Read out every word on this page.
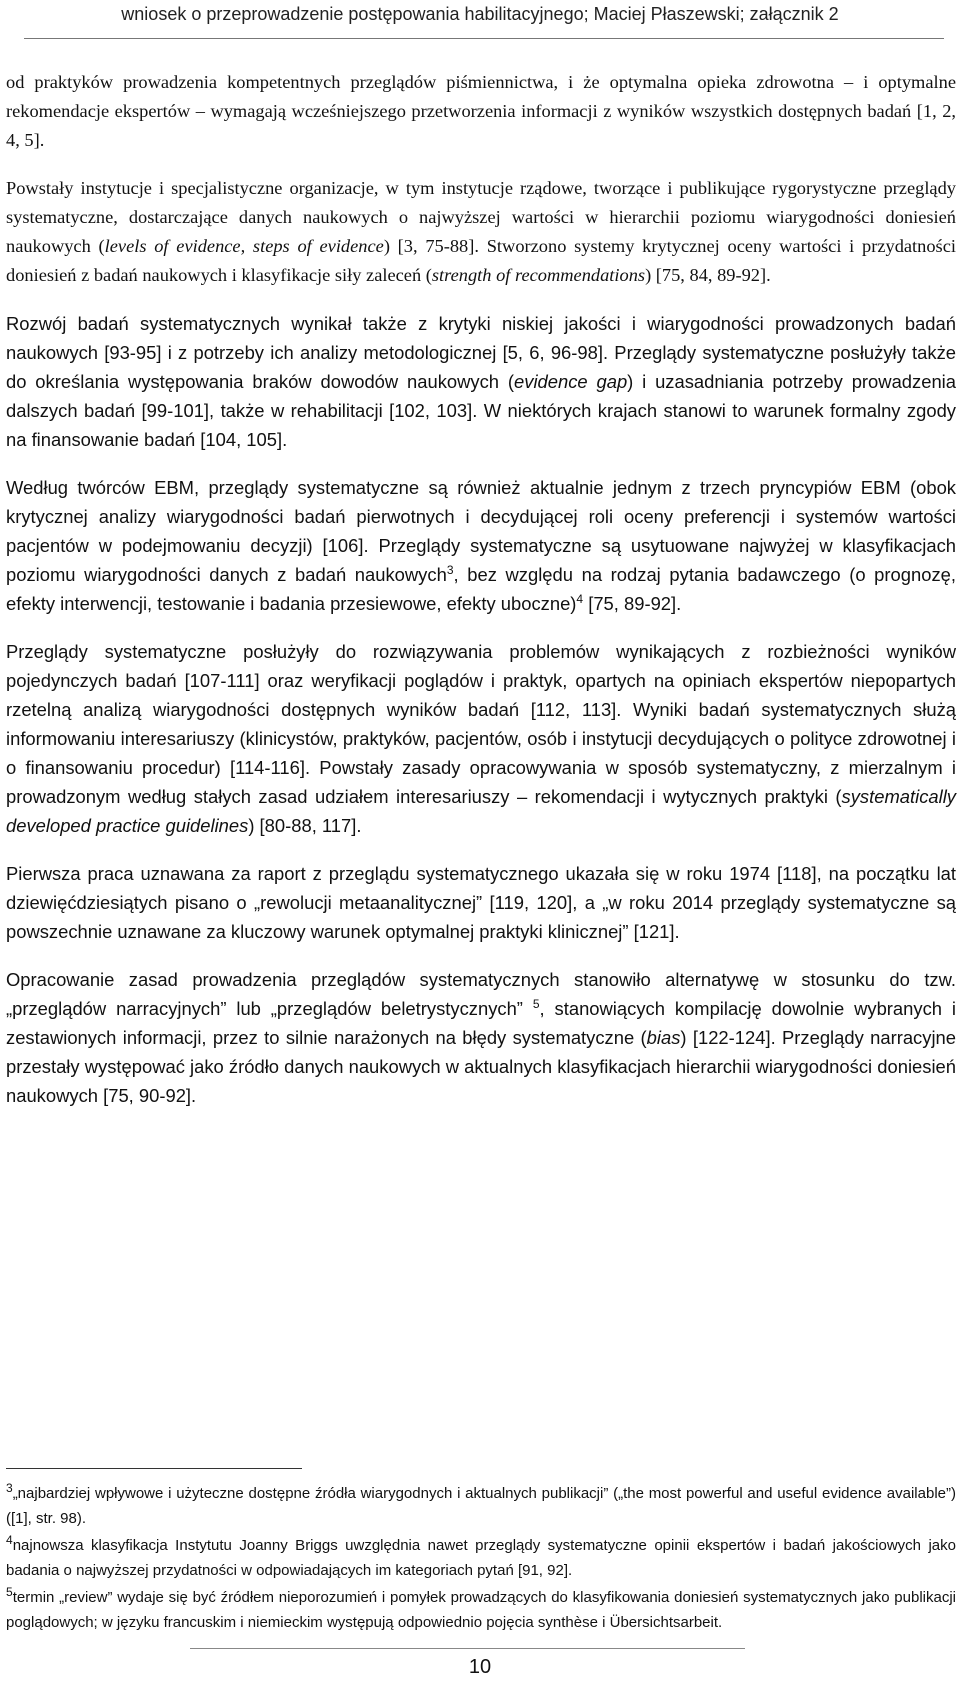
wniosek o przeprowadzenie postępowania habilitacyjnego; Maciej Płaszewski; załącznik 2

od praktyków prowadzenia kompetentnych przeglądów piśmiennictwa, i że optymalna opieka zdrowotna – i optymalne rekomendacje ekspertów – wymagają wcześniejszego przetworzenia informacji z wyników wszystkich dostępnych badań [1, 2, 4, 5].

Powstały instytucje i specjalistyczne organizacje, w tym instytucje rządowe, tworzące i publikujące rygorystyczne przeglądy systematyczne, dostarczające danych naukowych o najwyższej wartości w hierarchii poziomu wiarygodności doniesień naukowych (levels of evidence, steps of evidence) [3, 75-88]. Stworzono systemy krytycznej oceny wartości i przydatności doniesień z badań naukowych i klasyfikacje siły zaleceń (strength of recommendations) [75, 84, 89-92].

Rozwój badań systematycznych wynikał także z krytyki niskiej jakości i wiarygodności prowadzonych badań naukowych [93-95] i z potrzeby ich analizy metodologicznej [5, 6, 96-98]. Przeglądy systematyczne posłużyły także do określania występowania braków dowodów naukowych (evidence gap) i uzasadniania potrzeby prowadzenia dalszych badań [99-101], także w rehabilitacji [102, 103]. W niektórych krajach stanowi to warunek formalny zgody na finansowanie badań [104, 105].

Według twórców EBM, przeglądy systematyczne są również aktualnie jednym z trzech pryncypiów EBM (obok krytycznej analizy wiarygodności badań pierwotnych i decydującej roli oceny preferencji i systemów wartości pacjentów w podejmowaniu decyzji) [106]. Przeglądy systematyczne są usytuowane najwyżej w klasyfikacjach poziomu wiarygodności danych z badań naukowych$^3$, bez względu na rodzaj pytania badawczego (o prognozę, efekty interwencji, testowanie i badania przesiewowe, efekty uboczne)$^4$ [75, 89-92].

Przeglądy systematyczne posłużyły do rozwiązywania problemów wynikających z rozbieżności wyników pojedynczych badań [107-111] oraz weryfikacji poglądów i praktyk, opartych na opiniach ekspertów niepopartych rzetelną analizą wiarygodności dostępnych wyników badań [112, 113]. Wyniki badań systematycznych służą informowaniu interesariuszy (klinicystów, praktyków, pacjentów, osób i instytucji decydujących o polityce zdrowotnej i o finansowaniu procedur) [114-116]. Powstały zasady opracowywania w sposób systematyczny, z mierzalnym i prowadzonym według stałych zasad udziałem interesariuszy – rekomendacji i wytycznych praktyki (systematically developed practice guidelines) [80-88, 117].

Pierwsza praca uznawana za raport z przeglądu systematycznego ukazała się w roku 1974 [118], na początku lat dziewięćdziesiątych pisano o „rewolucji metaanalitycznej” [119, 120], a „w roku 2014 przeglądy systematyczne są powszechnie uznawane za kluczowy warunek optymalnej praktyki klinicznej” [121].

Opracowanie zasad prowadzenia przeglądów systematycznych stanowiło alternatywę w stosunku do tzw. „przeglądów narracyjnych” lub „przeglądów beletrystycznych” $^5$, stanowiących kompilację dowolnie wybranych i zestawionych informacji, przez to silnie narażonych na błędy systematyczne (bias) [122-124]. Przeglądy narracyjne przestały występować jako źródło danych naukowych w aktualnych klasyfikacjach hierarchii wiarygodności doniesień naukowych [75, 90-92].

$^3$„najbardziej wpływowe i użyteczne dostępne źródła wiarygodnych i aktualnych publikacji” („the most powerful and useful evidence available”) ([1], str. 98).

$^4$najnowsza klasyfikacja Instytutu Joanny Briggs uwzględnia nawet przeglądy systematyczne opinii ekspertów i badań jakościowych jako badania o najwyższej przydatności w odpowiadających im kategoriach pytań [91, 92].

$^5$termin „review” wydaje się być źródłem nieporozumień i pomyłek prowadzących do klasyfikowania doniesień systematycznych jako publikacji poglądowych; w języku francuskim i niemieckim występują odpowiednio pojęcia synthèse i Übersichtsarbeit.

10
